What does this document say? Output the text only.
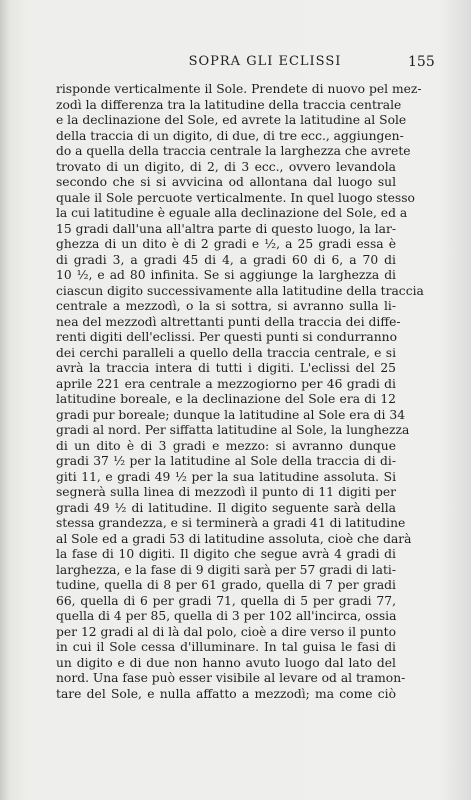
SOPRA GLI ECLISSI	155
risponde verticalmente il Sole. Prendete di nuovo pel mez-
zodì la differenza tra la latitudine della traccia centrale
e la declinazione del Sole, ed avrete la latitudine al Sole
della traccia di un digito, di due, di tre ecc., aggiungen-
do a quella della traccia centrale la larghezza che avrete
trovato di un digito, di 2, di 3 ecc., ovvero levandola
secondo che si si avvicina od allontana dal luogo sul
quale il Sole percuote verticalmente. In quel luogo stesso
la cui latitudine è eguale alla declinazione del Sole, ed a
15 gradi dall'una all'altra parte di questo luogo, la lar-
ghezza di un dito è di 2 gradi e ½, a 25 gradi essa è
di gradi 3, a gradi 45 di 4, a gradi 60 di 6, a 70 di
10 ½, e ad 80 infinita. Se si aggiunge la larghezza di
ciascun digito successivamente alla latitudine della traccia
centrale a mezzodì, o la si sottra, si avranno sulla li-
nea del mezzodì altrettanti punti della traccia dei diffe-
renti digiti dell'eclissi. Per questi punti si condurranno
dei cerchi paralleli a quello della traccia centrale, e si
avrà la traccia intera di tutti i digiti. L'eclissi del 25
aprile 221 era centrale a mezzogiorno per 46 gradi di
latitudine boreale, e la declinazione del Sole era di 12
gradi pur boreale; dunque la latitudine al Sole era di 34
gradi al nord. Per siffatta latitudine al Sole, la lunghezza
di un dito è di 3 gradi e mezzo: si avranno dunque
gradi 37 ½ per la latitudine al Sole della traccia di di-
giti 11, e gradi 49 ½ per la sua latitudine assoluta. Si
segnerà sulla linea di mezzodì il punto di 11 digiti per
gradi 49 ½ di latitudine. Il digito seguente sarà della
stessa grandezza, e si terminerà a gradi 41 di latitudine
al Sole ed a gradi 53 di latitudine assoluta, cioè che darà
la fase di 10 digiti. Il digito che segue avrà 4 gradi di
larghezza, e la fase di 9 digiti sarà per 57 gradi di lati-
tudine, quella di 8 per 61 grado, quella di 7 per gradi
66, quella di 6 per gradi 71, quella di 5 per gradi 77,
quella di 4 per 85, quella di 3 per 102 all'incirca, ossia
per 12 gradi al di là dal polo, cioè a dire verso il punto
in cui il Sole cessa d'illuminare. In tal guisa le fasi di
un digito e di due non hanno avuto luogo dal lato del
nord. Una fase può esser visibile al levare od al tramon-
tare del Sole, e nulla affatto a mezzodì; ma come ciò
